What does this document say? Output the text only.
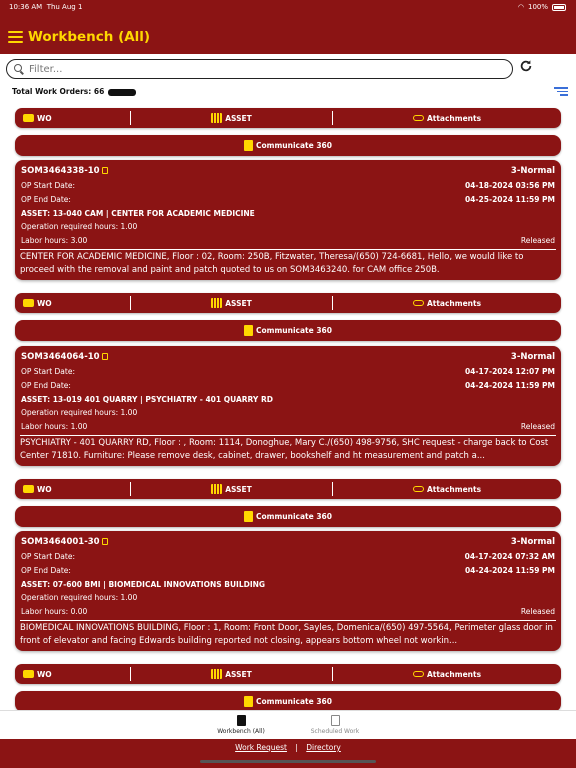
10:36 AM Thu Aug 1	◠ 100%
Workbench (All)
Filter...
Total Work Orders: 66
WO	ASSET	Attachments
Communicate 360
SOM3464338-10	3-Normal
OP Start Date:	04-18-2024 03:56 PM
OP End Date:	04-25-2024 11:59 PM
ASSET: 13-040 CAM | CENTER FOR ACADEMIC MEDICINE
Operation required hours: 1.00
Labor hours: 3.00	Released
CENTER FOR ACADEMIC MEDICINE, Floor : 02, Room: 250B, Fitzwater, Theresa/(650) 724-6681, Hello, we would like to proceed with the removal and paint and patch quoted to us on SOM3463240. for CAM office 250B.
WO	ASSET	Attachments
Communicate 360
SOM3464064-10	3-Normal
OP Start Date:	04-17-2024 12:07 PM
OP End Date:	04-24-2024 11:59 PM
ASSET: 13-019 401 QUARRY | PSYCHIATRY - 401 QUARRY RD
Operation required hours: 1.00
Labor hours: 1.00	Released
PSYCHIATRY - 401 QUARRY RD, Floor : , Room: 1114, Donoghue, Mary C./(650) 498-9756, SHC request - charge back to Cost Center 71810. Furniture: Please remove desk, cabinet, drawer, bookshelf and ht measurement and patch a...
WO	ASSET	Attachments
Communicate 360
SOM3464001-30	3-Normal
OP Start Date:	04-17-2024 07:32 AM
OP End Date:	04-24-2024 11:59 PM
ASSET: 07-600 BMI | BIOMEDICAL INNOVATIONS BUILDING
Operation required hours: 1.00
Labor hours: 0.00	Released
BIOMEDICAL INNOVATIONS BUILDING, Floor : 1, Room: Front Door, Sayles, Domenica/(650) 497-5564, Perimeter glass door in front of elevator and facing Edwards building reported not closing, appears bottom wheel not workin...
WO	ASSET	Attachments
Communicate 360
Workbench (All)	Scheduled Work
Work Request | Directory
